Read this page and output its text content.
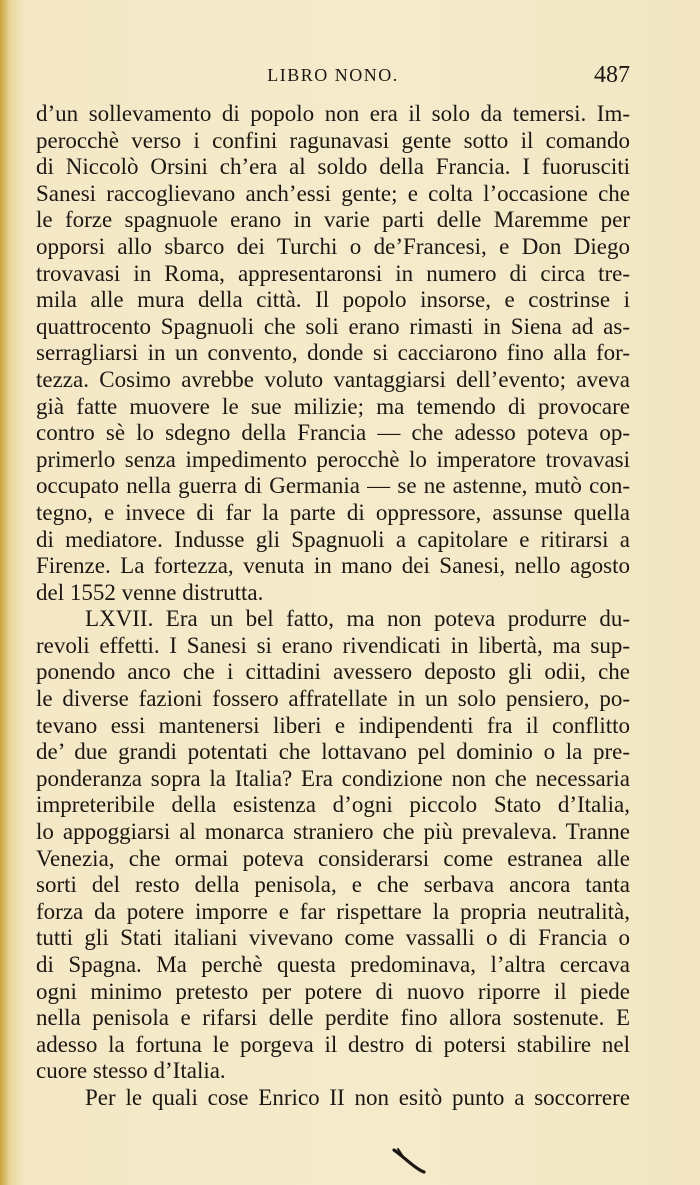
LIBRO NONO.	487
d’un sollevamento di popolo non era il solo da temersi. Im-
perocchè verso i confini ragunavasi gente sotto il comando
di Niccolò Orsini ch’era al soldo della Francia. I fuorusciti
Sanesi raccoglievano anch’essi gente; e colta l’occasione che
le forze spagnuole erano in varie parti delle Maremme per
opporsi allo sbarco dei Turchi o de’Francesi, e Don Diego
trovavasi in Roma, appresentaronsi in numero di circa tre-
mila alle mura della città. Il popolo insorse, e costrinse i
quattrocento Spagnuoli che soli erano rimasti in Siena ad as-
serragliarsi in un convento, donde si cacciarono fino alla for-
tezza. Cosimo avrebbe voluto vantaggiarsi dell’evento; aveva
già fatte muovere le sue milizie; ma temendo di provocare
contro sè lo sdegno della Francia — che adesso poteva op-
primerlo senza impedimento perocchè lo imperatore trovavasi
occupato nella guerra di Germania — se ne astenne, mutò con-
tegno, e invece di far la parte di oppressore, assunse quella
di mediatore. Indusse gli Spagnuoli a capitolare e ritirarsi a
Firenze. La fortezza, venuta in mano dei Sanesi, nello agosto
del 1552 venne distrutta.
LXVII. Era un bel fatto, ma non poteva produrre du-
revoli effetti. I Sanesi si erano rivendicati in libertà, ma sup-
ponendo anco che i cittadini avessero deposto gli odii, che
le diverse fazioni fossero affratellate in un solo pensiero, po-
tevano essi mantenersi liberi e indipendenti fra il conflitto
de’ due grandi potentati che lottavano pel dominio o la pre-
ponderanza sopra la Italia? Era condizione non che necessaria
impreteribile della esistenza d’ogni piccolo Stato d’Italia,
lo appoggiarsi al monarca straniero che più prevaleva. Tranne
Venezia, che ormai poteva considerarsi come estranea alle
sorti del resto della penisola, e che serbava ancora tanta
forza da potere imporre e far rispettare la propria neutralità,
tutti gli Stati italiani vivevano come vassalli o di Francia o
di Spagna. Ma perchè questa predominava, l’altra cercava
ogni minimo pretesto per potere di nuovo riporre il piede
nella penisola e rifarsi delle perdite fino allora sostenute. E
adesso la fortuna le porgeva il destro di potersi stabilire nel
cuore stesso d’Italia.
Per le quali cose Enrico II non esitò punto a soccorrere
